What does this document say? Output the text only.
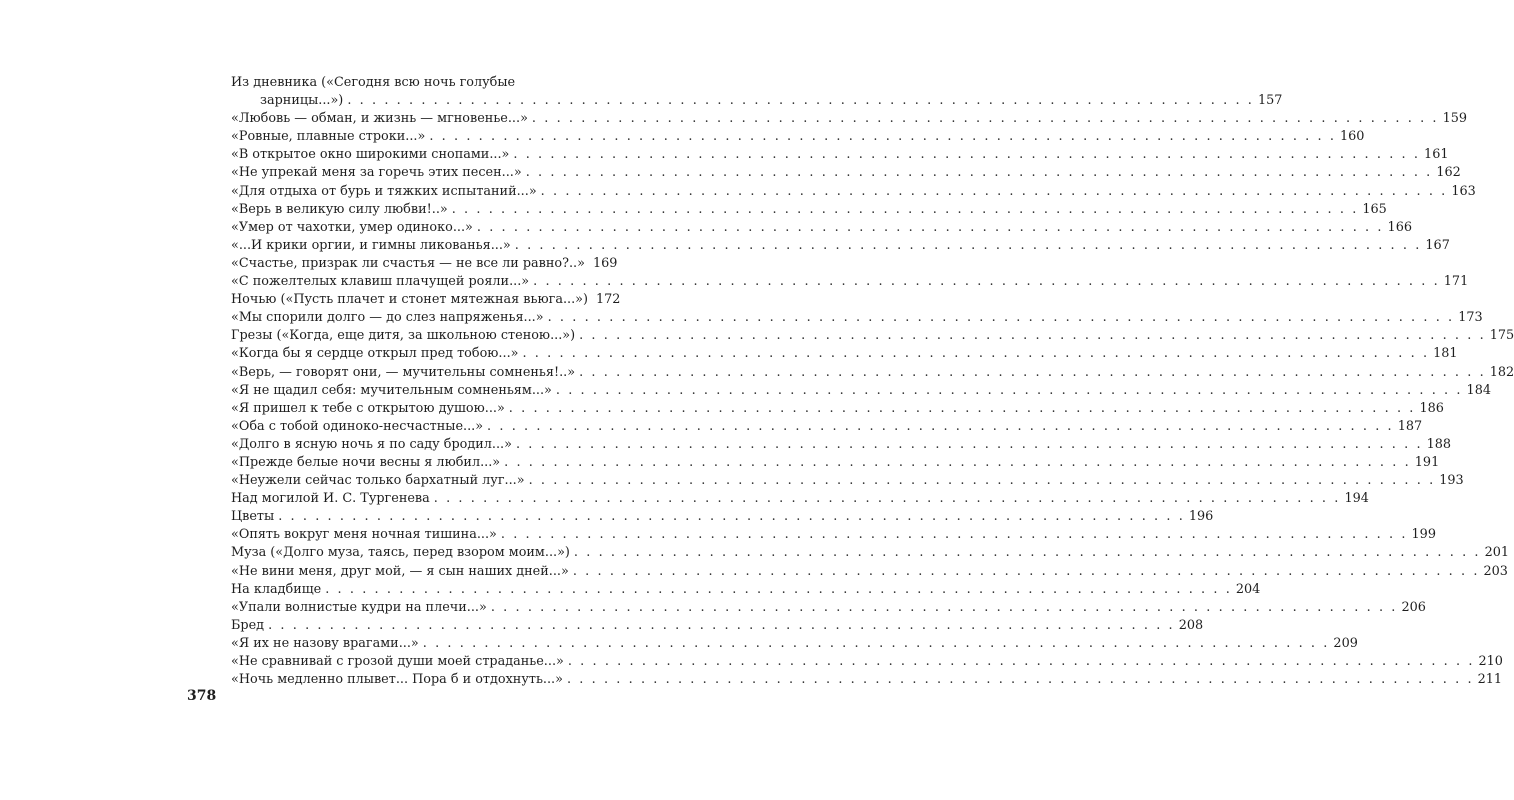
Из дневника («Сегодня всю ночь голубые
зарницы...») . . .	157
«Любовь — обман, и жизнь — мгновенье...» . . .	159
«Ровные, плавные строки...» . . .	160
«В открытое окно широкими снопами...» . . .	161
«Не упрекай меня за горечь этих песен...» . . .	162
«Для отдыха от бурь и тяжких испытаний...» . . .	163
«Верь в великую силу любви!..» . . .	165
«Умер от чахотки, умер одиноко...» . . .	166
«...И крики оргии, и гимны ликованья...» . . .	167
«Счастье, призрак ли счастья — не все ли равно?..» 169
«С пожелтелых клавиш плачущей рояли...» . . .	171
Ночью («Пусть плачет и стонет мятежная вьюга...») 172
«Мы спорили долго — до слез напряженья...» . . .	173
Грезы («Когда, еще дитя, за школьною стеною...») . . .	175
«Когда бы я сердце открыл пред тобою...» . . .	181
«Верь, — говорят они, — мучительны сомненья!..» . . .	182
«Я не щадил себя: мучительным сомненьям...» . . .	184
«Я пришел к тебе с открытою душою...» . . .	186
«Оба с тобой одиноко-несчастные...» . . .	187
«Долго в ясную ночь я по саду бродил...» . . .	188
«Прежде белые ночи весны я любил...» . . .	191
«Неужели сейчас только бархатный луг...» . . .	193
Над могилой И. С. Тургенева . . .	194
Цветы . . .	196
«Опять вокруг меня ночная тишина...» . . .	199
Муза («Долго муза, таясь, перед взором моим...») . . .	201
«Не вини меня, друг мой, — я сын наших дней...» . . .	203
На кладбище . . .	204
«Упали волнистые кудри на плечи...» . . .	206
Бред . . .	208
«Я их не назову врагами...» . . .	209
«Не сравнивай с грозой души моей страданье...» . . .	210
«Ночь медленно плывет... Пора б и отдохнуть...» . . .	211
378
